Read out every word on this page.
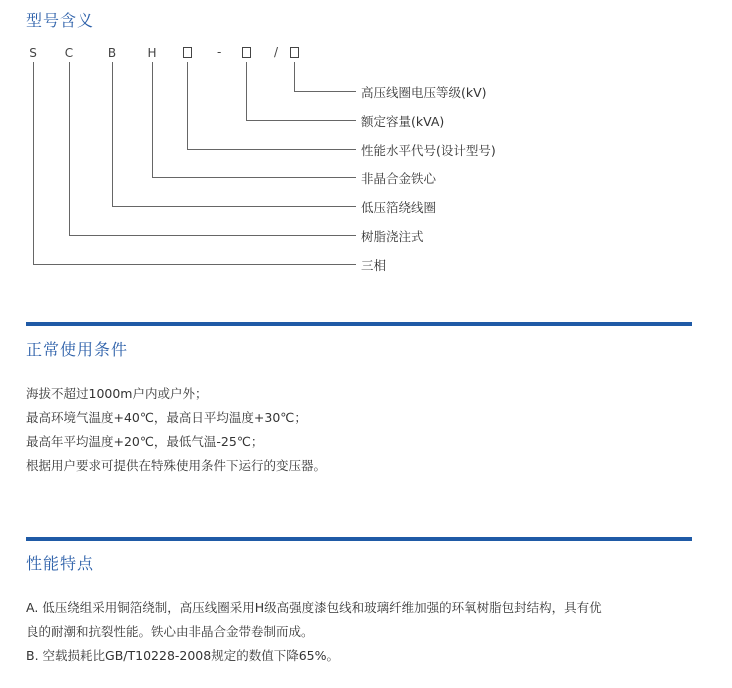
型号含义
S	C	B	H	-	/
高压线圈电压等级(kV)
额定容量(kVA)
性能水平代号(设计型号)
非晶合金铁心
低压箔绕线圈
树脂浇注式
三相
正常使用条件
海拔不超过1000m户内或户外；
最高环境气温度+40℃，最高日平均温度+30℃；
最高年平均温度+20℃，最低气温-25℃；
根据用户要求可提供在特殊使用条件下运行的变压器。
性能特点
A. 低压绕组采用铜箔绕制，高压线圈采用H级高强度漆包线和玻璃纤维加强的环氧树脂包封结构，具有优
良的耐潮和抗裂性能。铁心由非晶合金带卷制而成。
B. 空载损耗比GB/T10228-2008规定的数值下降65%。
